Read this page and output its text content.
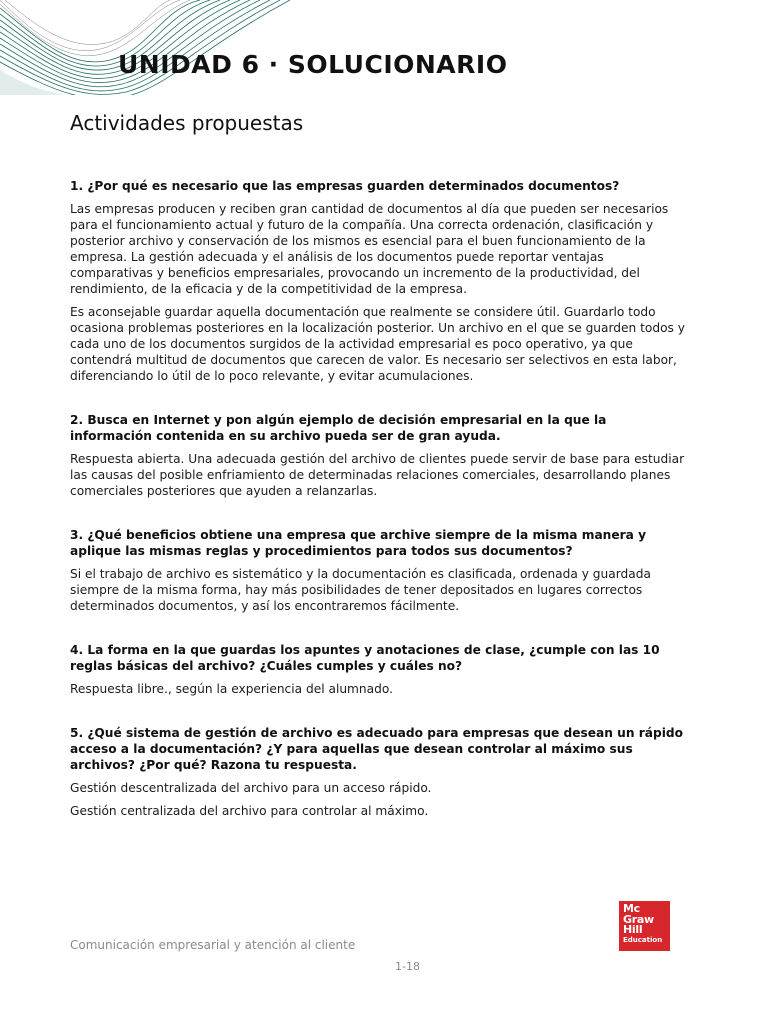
UNIDAD 6 · SOLUCIONARIO
Actividades propuestas

1. ¿Por qué es necesario que las empresas guarden determinados documentos?

Las empresas producen y reciben gran cantidad de documentos al día que pueden ser necesarios para el funcionamiento actual y futuro de la compañía. Una correcta ordenación, clasificación y posterior archivo y conservación de los mismos es esencial para el buen funcionamiento de la empresa. La gestión adecuada y el análisis de los documentos puede reportar ventajas comparativas y beneficios empresariales, provocando un incremento de la productividad, del rendimiento, de la eficacia y de la competitividad de la empresa.

Es aconsejable guardar aquella documentación que realmente se considere útil. Guardarlo todo ocasiona problemas posteriores en la localización posterior. Un archivo en el que se guarden todos y cada uno de los documentos surgidos de la actividad empresarial es poco operativo, ya que contendrá multitud de documentos que carecen de valor. Es necesario ser selectivos en esta labor, diferenciando lo útil de lo poco relevante, y evitar acumulaciones.

2. Busca en Internet y pon algún ejemplo de decisión empresarial en la que la información contenida en su archivo pueda ser de gran ayuda.

Respuesta abierta. Una adecuada gestión del archivo de clientes puede servir de base para estudiar las causas del posible enfriamiento de determinadas relaciones comerciales, desarrollando planes comerciales posteriores que ayuden a relanzarlas.

3. ¿Qué beneficios obtiene una empresa que archive siempre de la misma manera y aplique las mismas reglas y procedimientos para todos sus documentos?

Si el trabajo de archivo es sistemático y la documentación es clasificada, ordenada y guardada siempre de la misma forma, hay más posibilidades de tener depositados en lugares correctos determinados documentos, y así los encontraremos fácilmente.

4. La forma en la que guardas los apuntes y anotaciones de clase, ¿cumple con las 10 reglas básicas del archivo? ¿Cuáles cumples y cuáles no?

Respuesta libre., según la experiencia del alumnado.

5. ¿Qué sistema de gestión de archivo es adecuado para empresas que desean un rápido acceso a la documentación? ¿Y para aquellas que desean controlar al máximo sus archivos? ¿Por qué? Razona tu respuesta.

Gestión descentralizada del archivo para un acceso rápido.

Gestión centralizada del archivo para controlar al máximo.

Mc
Graw
Hill
Education
Comunicación empresarial y atención al cliente
1-18
